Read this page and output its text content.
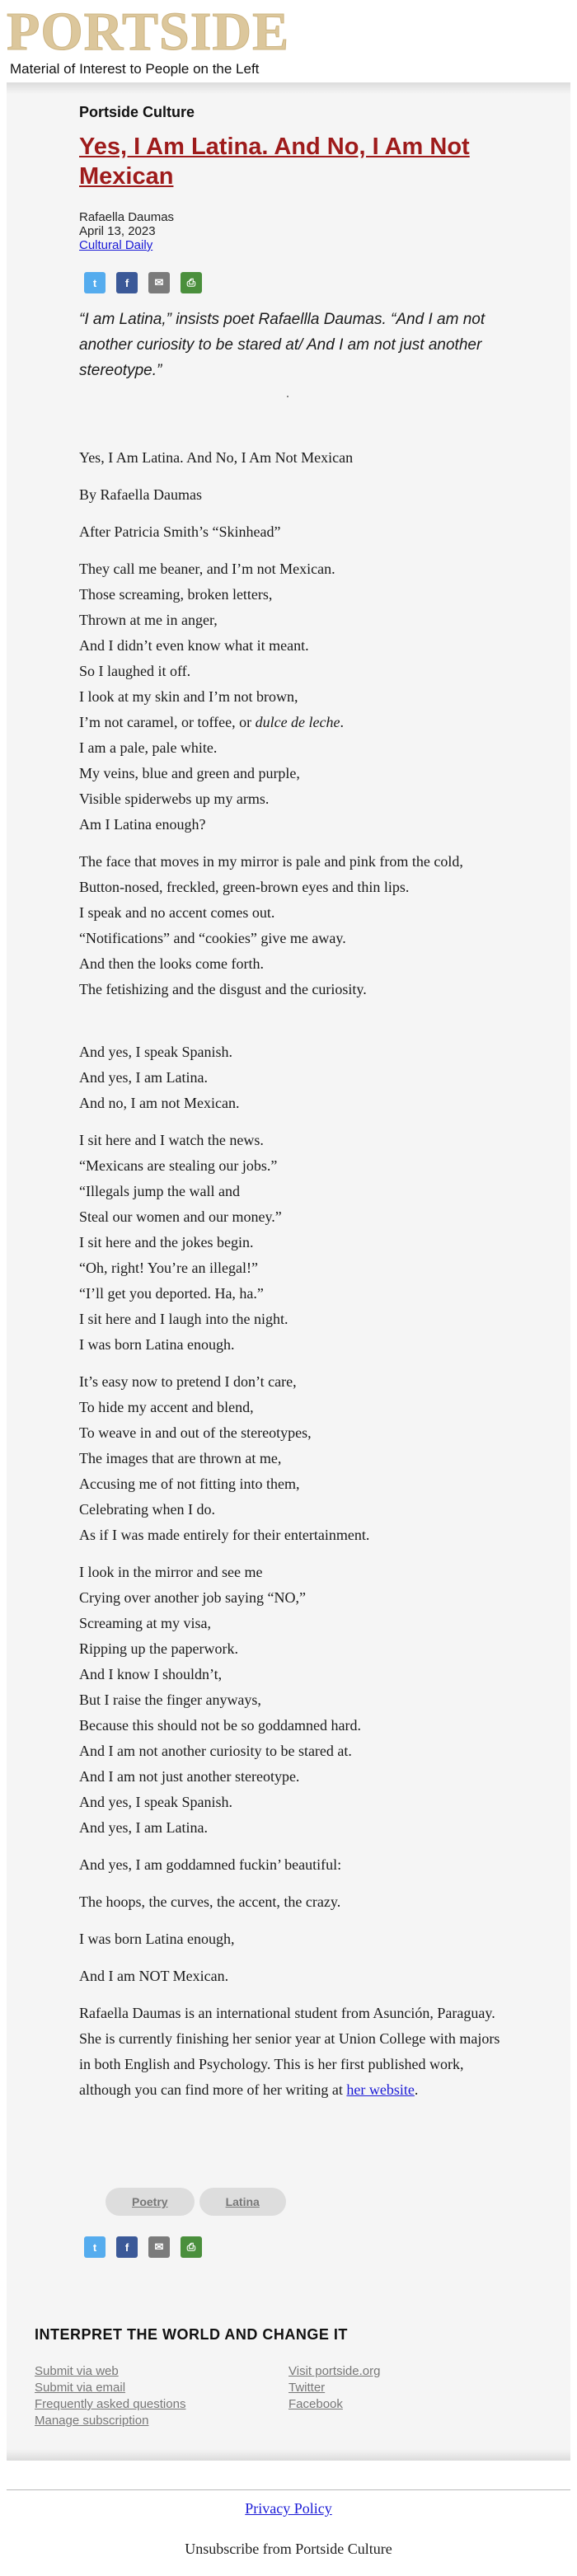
PORTSIDE
Material of Interest to People on the Left
Portside Culture
Yes, I Am Latina. And No, I Am Not Mexican
Rafaella Daumas
April 13, 2023
Cultural Daily
t	f	✉	⎙

“I am Latina,” insists poet Rafaellla Daumas. “And I am not another curiosity to be stared at/ And I am not just another stereotype.”

Yes, I Am Latina. And No, I Am Not Mexican

By Rafaella Daumas

After Patricia Smith’s “Skinhead”

They call me beaner, and I’m not Mexican.
Those screaming, broken letters,
Thrown at me in anger,
And I didn’t even know what it meant.
So I laughed it off.
I look at my skin and I’m not brown,
I’m not caramel, or toffee, or dulce de leche.
I am a pale, pale white.
My veins, blue and green and purple,
Visible spiderwebs up my arms.
Am I Latina enough?

The face that moves in my mirror is pale and pink from the cold,
Button-nosed, freckled, green-brown eyes and thin lips.
I speak and no accent comes out.
“Notifications” and “cookies” give me away.
And then the looks come forth.
The fetishizing and the disgust and the curiosity.

And yes, I speak Spanish.
And yes, I am Latina.
And no, I am not Mexican.

I sit here and I watch the news.
“Mexicans are stealing our jobs.”
“Illegals jump the wall and
Steal our women and our money.”
I sit here and the jokes begin.
“Oh, right! You’re an illegal!”
“I’ll get you deported. Ha, ha.”
I sit here and I laugh into the night.
I was born Latina enough.

It’s easy now to pretend I don’t care,
To hide my accent and blend,
To weave in and out of the stereotypes,
The images that are thrown at me,
Accusing me of not fitting into them,
Celebrating when I do.
As if I was made entirely for their entertainment.

I look in the mirror and see me
Crying over another job saying “NO,”
Screaming at my visa,
Ripping up the paperwork.
And I know I shouldn’t,
But I raise the finger anyways,
Because this should not be so goddamned hard.
And I am not another curiosity to be stared at.
And I am not just another stereotype.
And yes, I speak Spanish.
And yes, I am Latina.

And yes, I am goddamned fuckin’ beautiful:

The hoops, the curves, the accent, the crazy.

I was born Latina enough,

And I am NOT Mexican.

Rafaella Daumas is an international student from Asunción, Paraguay. She is currently finishing her senior year at Union College with majors in both English and Psychology. This is her first published work, although you can find more of her writing at her website.

Poetry	Latina
t	f	✉	⎙
INTERPRET THE WORLD AND CHANGE IT
Submit via web
Submit via email
Frequently asked questions
Manage subscription
Visit portside.org
Twitter
Facebook
Privacy Policy
Unsubscribe from Portside Culture
